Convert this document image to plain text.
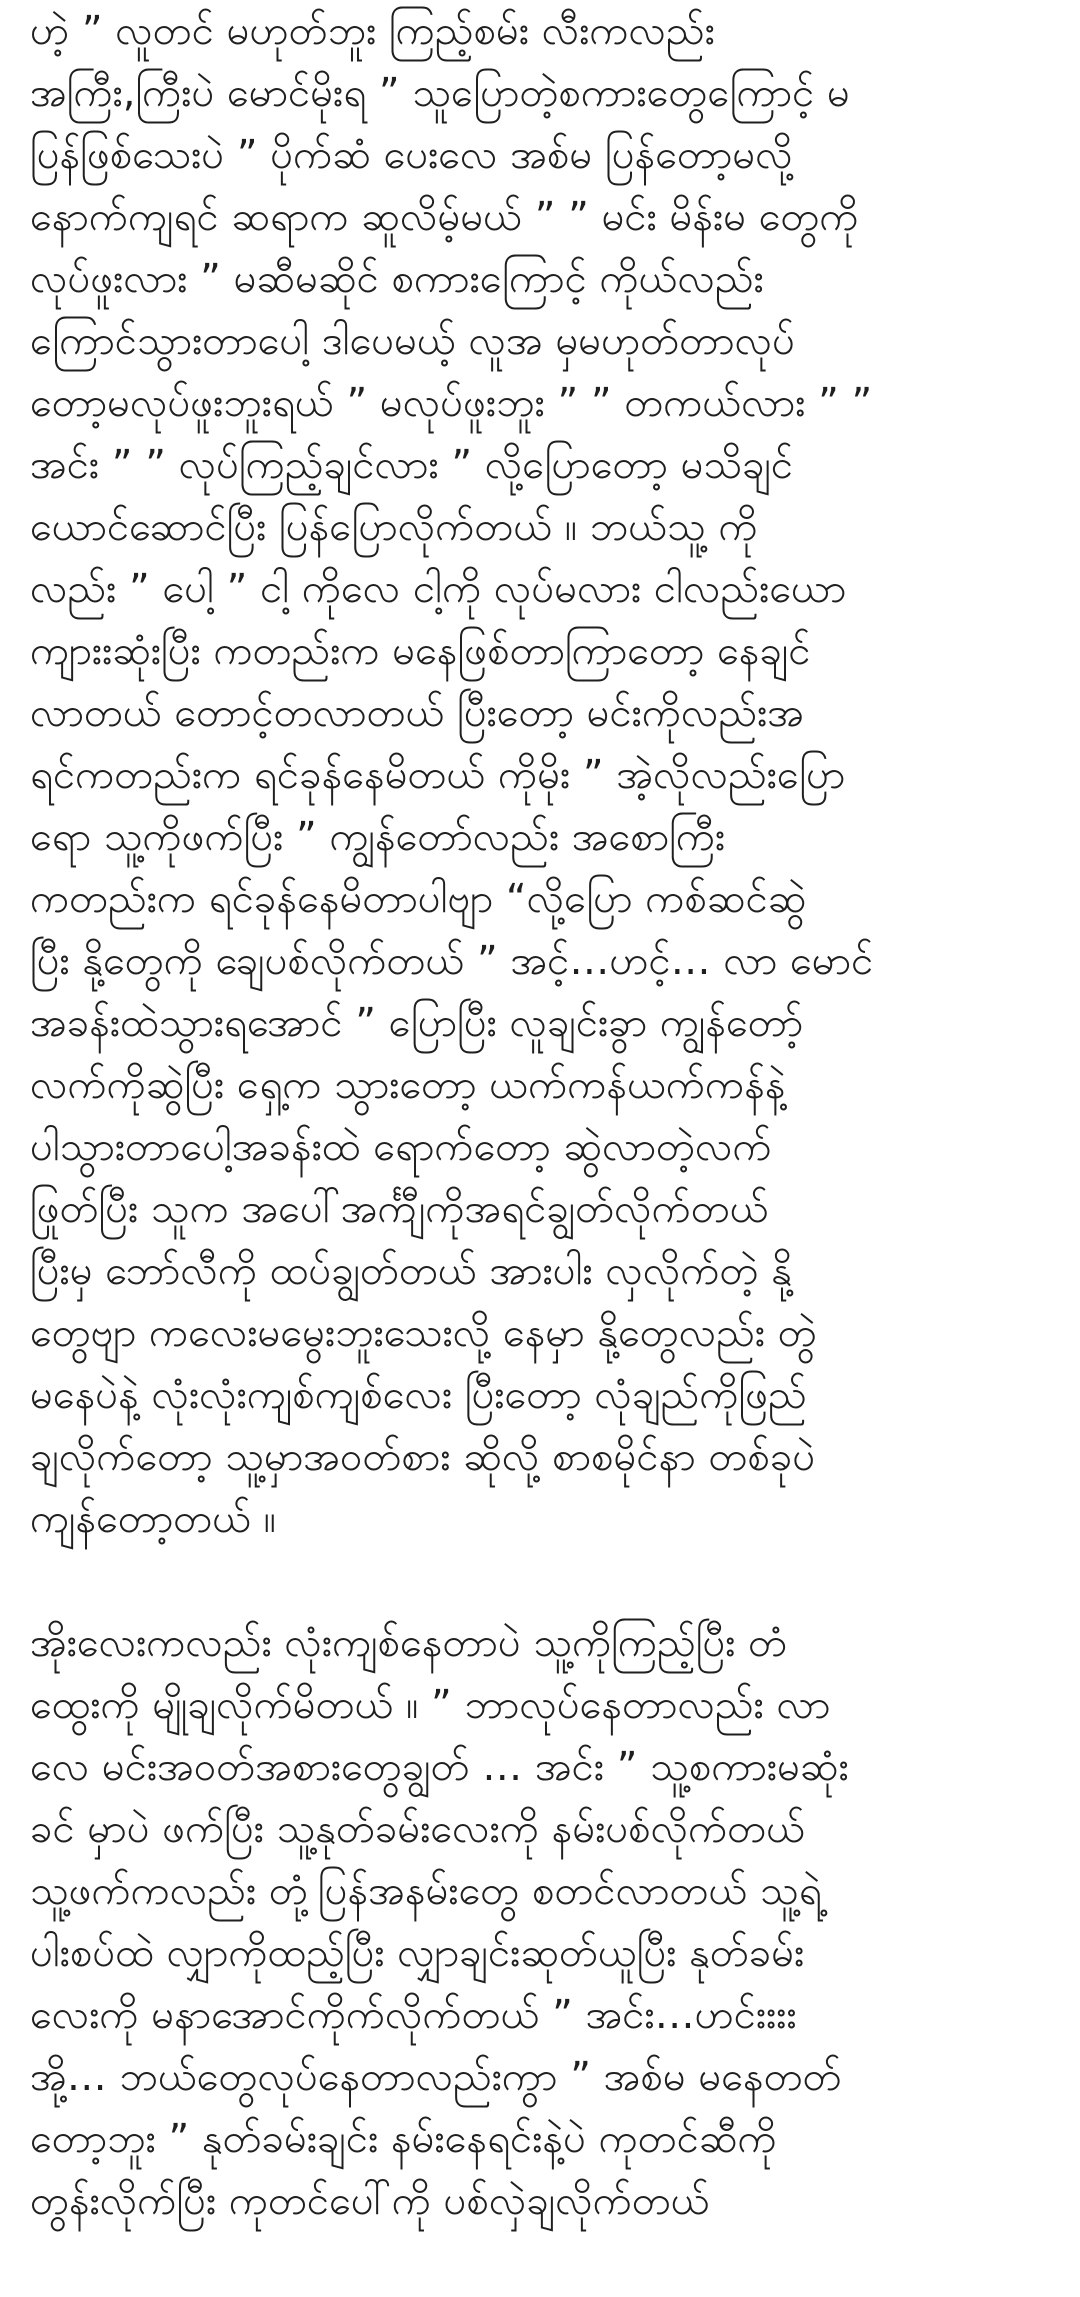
ဟဲ့ ” လူတင် မဟုတ်ဘူး ကြည့်စမ်း လီးကလည်း
အကြီး,ကြီးပဲ မောင်မိုးရ ” သူပြောတဲ့စကားတွေကြောင့် မ
ပြန်ဖြစ်သေးပဲ ” ပိုက်ဆံ ပေးလေ အစ်မ ပြန်တော့မလို့
နောက်ကျရင် ဆရာက ဆူလိမ့်မယ် ” ” မင်း မိန်းမ တွေကို
လုပ်ဖူးလား ” မဆီမဆိုင် စကားကြောင့် ကိုယ်လည်း
ကြောင်သွားတာပေါ့ ဒါပေမယ့် လူအ မှမဟုတ်တာလုပ်
တော့မလုပ်ဖူးဘူးရယ် ” မလုပ်ဖူးဘူး ” ” တကယ်လား ” ”
အင်း ” ” လုပ်ကြည့်ချင်လား ” လို့ပြောတော့ မသိချင်
ယောင်ဆောင်ပြီး ပြန်ပြောလိုက်တယ် ။ ဘယ်သူ့ ကို
လည်း ” ပေါ့ ” ငါ့ ကိုလေ ငါ့ကို လုပ်မလား ငါလည်းယော
ကျားးဆုံးပြီး ကတည်းက မနေဖြစ်တာကြာတော့ နေချင်
လာတယ် တောင့်တလာတယ် ပြီးတော့ မင်းကိုလည်းအ
ရင်ကတည်းက ရင်ခုန်နေမိတယ် ကိုမိုး ” အဲ့လိုလည်းပြော
ရော သူ့ကိုဖက်ပြီး ” ကျွန်တော်လည်း အစောကြီး
ကတည်းက ရင်ခုန်နေမိတာပါဗျာ “လို့ပြော ကစ်ဆင်ဆွဲ
ပြီး နို့တွေကို ချေပစ်လိုက်တယ် ” အင့်…ဟင့်… လာ မောင်
အခန်းထဲသွားရအောင် ” ပြောပြီး လူချင်းခွာ ကျွန်တော့်
လက်ကိုဆွဲပြီး ရှေ့က သွားတော့ ယက်ကန်ယက်ကန်နဲ့
ပါသွားတာပေါ့အခန်းထဲ ရောက်တော့ ဆွဲလာတဲ့လက်
ဖြုတ်ပြီး သူက အပေါ်အင်္ကျီကိုအရင်ချွတ်လိုက်တယ်
ပြီးမှ ဘော်လီကို ထပ်ချွတ်တယ် အားပါး လှလိုက်တဲ့ နို့
တွေဗျာ ကလေးမမွေးဘူးသေးလို့ နေမှာ နို့တွေလည်း တွဲ
မနေပဲနဲ့ လုံးလုံးကျစ်ကျစ်လေး ပြီးတော့ လုံချည်ကိုဖြည်
ချလိုက်တော့ သူ့မှာအဝတ်စား ဆိုလို့ စာစမိုင်နာ တစ်ခုပဲ
ကျန်တော့တယ် ။
အိုးလေးကလည်း လုံးကျစ်နေတာပဲ သူ့ကိုကြည့်ပြီး တံ
ထွေးကို မျိုချလိုက်မိတယ် ။ ” ဘာလုပ်နေတာလည်း လာ
လေ မင်းအဝတ်အစားတွေချွတ် … အင်း ” သူ့စကားမဆုံး
ခင် မှာပဲ ဖက်ပြီး သူ့နုတ်ခမ်းလေးကို နမ်းပစ်လိုက်တယ်
သူ့ဖက်ကလည်း တုံ့ပြန်အနမ်းတွေ စတင်လာတယ် သူ့ရဲ့
ပါးစပ်ထဲ လျှာကိုထည့်ပြီး လျှာချင်းဆုတ်ယူပြီး နုတ်ခမ်း
လေးကို မနာအောင်ကိုက်လိုက်တယ် ” အင်း…ဟင်းးးး
အို့… ဘယ်တွေလုပ်နေတာလည်းကွာ ” အစ်မ မနေတတ်
တော့ဘူး ” နုတ်ခမ်းချင်း နမ်းနေရင်းနဲ့ပဲ ကုတင်ဆီကို
တွန်းလိုက်ပြီး ကုတင်ပေါ်ကို ပစ်လှဲချလိုက်တယ်
